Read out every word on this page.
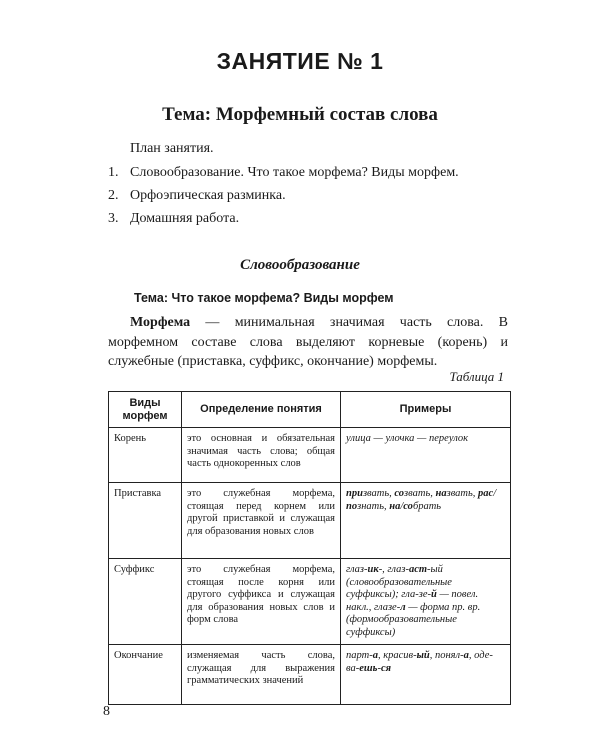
ЗАНЯТИЕ № 1
Тема: Морфемный состав слова
План занятия.
1. Словообразование. Что такое морфема? Виды морфем.
2. Орфоэпическая разминка.
3. Домашняя работа.
Словообразование
Тема: Что такое морфема? Виды морфем

Морфема — минимальная значимая часть слова. В морфемном составе слова выделяют корневые (корень) и служебные (приставка, суффикс, окончание) морфемы.

Таблица 1
Виды морфем	Определение понятия	Примеры
Корень	это основная и обязательная значимая часть слова; общая часть однокоренных слов	улица — улочка — переулок
Приставка	это служебная морфема, стоящая перед корнем или другой приставкой и служащая для образования новых слов	призвать, созвать, назвать, рас/познать, на/собрать
Суффикс	это служебная морфема, стоящая после корня или другого суффикса и служащая для образования новых слов и форм слова	глаз-ик-, глаз-аст-ый (словообразовательные суффиксы); гла-зе-й — повел. накл., глазе-л — форма пр. вр. (формообразовательные суффиксы)
Окончание	изменяемая часть слова, служащая для выражения грамматических значений	парт-а, красив-ый, понял-а, оде-ва-ешь-ся
8
